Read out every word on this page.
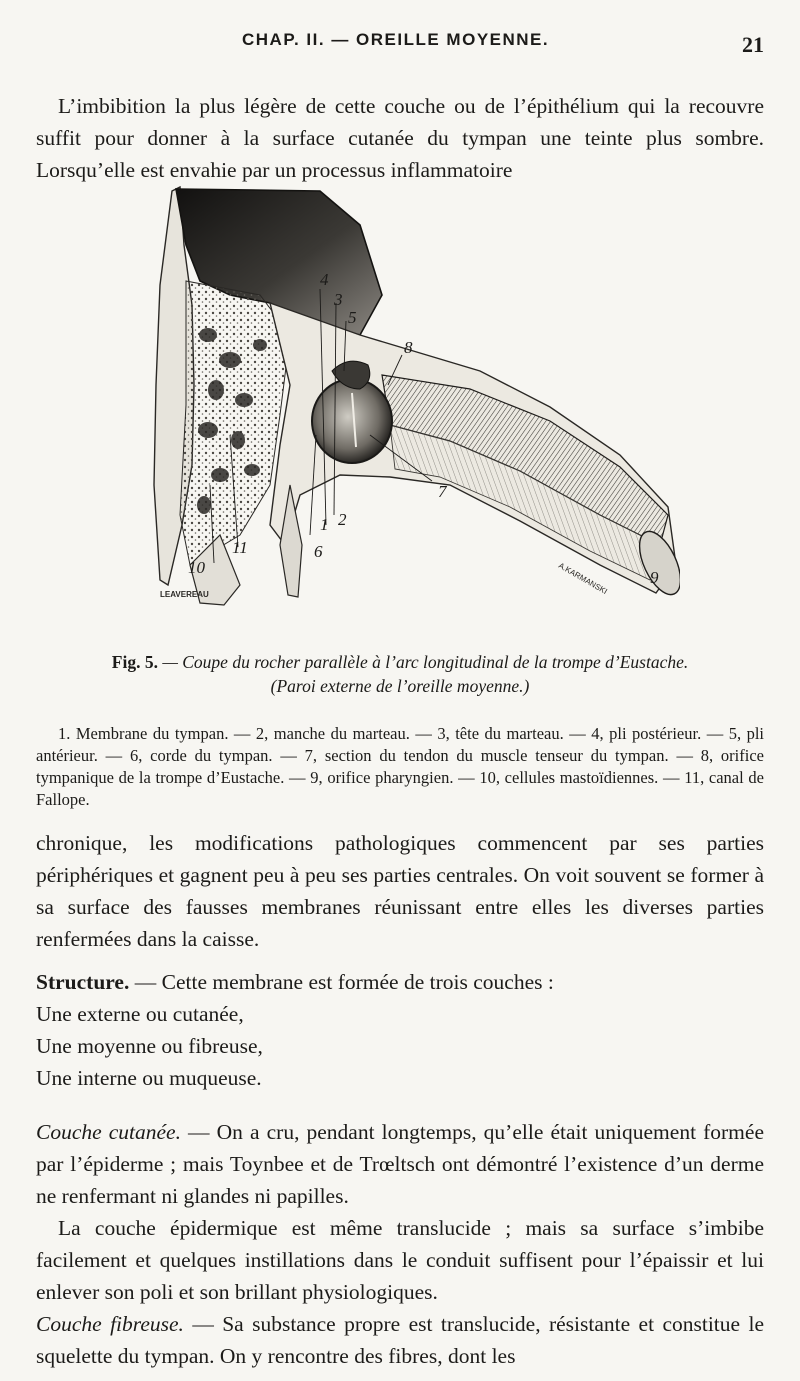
CHAP. II. — OREILLE MOYENNE.	21

L’imbibition la plus légère de cette couche ou de l’épithélium qui la recouvre suffit pour donner à la surface cutanée du tympan une teinte plus sombre. Lorsqu’elle est envahie par un processus inflammatoire

1 2
3
4
5
6
7
8
9
10
11
LEAVEREAU	A.KARMANSKI
Fig. 5. — Coupe du rocher parallèle à l’arc longitudinal de la trompe d’Eustache.
(Paroi externe de l’oreille moyenne.)

1. Membrane du tympan. — 2, manche du marteau. — 3, tête du marteau. — 4, pli postérieur. — 5, pli antérieur. — 6, corde du tympan. — 7, section du tendon du muscle tenseur du tympan. — 8, orifice tympanique de la trompe d’Eustache. — 9, orifice pharyngien. — 10, cellules mastoïdiennes. — 11, canal de Fallope.

chronique, les modifications pathologiques commencent par ses parties périphériques et gagnent peu à peu ses parties centrales. On voit souvent se former à sa surface des fausses membranes réunissant entre elles les diverses parties renfermées dans la caisse.

Structure. — Cette membrane est formée de trois couches :
Une externe ou cutanée,
Une moyenne ou fibreuse,
Une interne ou muqueuse.

Couche cutanée. — On a cru, pendant longtemps, qu’elle était uniquement formée par l’épiderme ; mais Toynbee et de Trœltsch ont démontré l’existence d’un derme ne renfermant ni glandes ni papilles.

La couche épidermique est même translucide ; mais sa surface s’imbibe facilement et quelques instillations dans le conduit suffisent pour l’épaissir et lui enlever son poli et son brillant physiologiques.

Couche fibreuse. — Sa substance propre est translucide, résistante et constitue le squelette du tympan. On y rencontre des fibres, dont les
